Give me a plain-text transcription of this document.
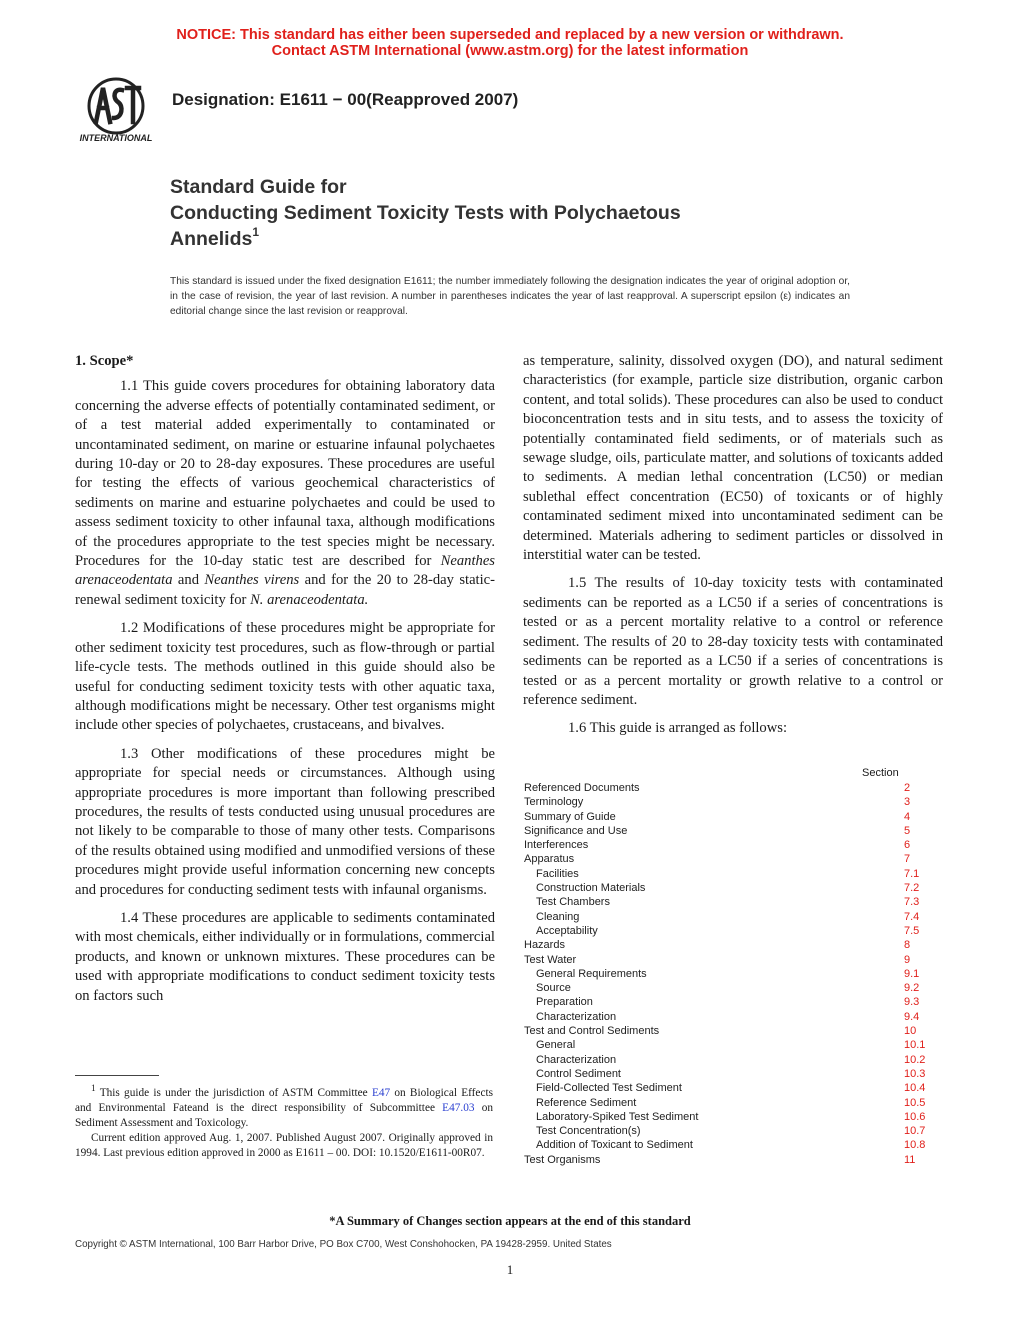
NOTICE: This standard has either been superseded and replaced by a new version or withdrawn.
Contact ASTM International (www.astm.org) for the latest information
INTERNATIONAL
Designation: E1611 − 00(Reapproved 2007)
Standard Guide for
Conducting Sediment Toxicity Tests with Polychaetous
Annelids$^1$
This standard is issued under the fixed designation E1611; the number immediately following the designation indicates the year of original adoption or, in the case of revision, the year of last revision. A number in parentheses indicates the year of last reapproval. A superscript epsilon (ε) indicates an editorial change since the last revision or reapproval.
1. Scope*

1.1 This guide covers procedures for obtaining laboratory data concerning the adverse effects of potentially contaminated sediment, or of a test material added experimentally to contaminated or uncontaminated sediment, on marine or estuarine infaunal polychaetes during 10-day or 20 to 28-day exposures. These procedures are useful for testing the effects of various geochemical characteristics of sediments on marine and estuarine polychaetes and could be used to assess sediment toxicity to other infaunal taxa, although modifications of the procedures appropriate to the test species might be necessary. Procedures for the 10-day static test are described for Neanthes arenaceodentata and Neanthes virens and for the 20 to 28-day static-renewal sediment toxicity for N. arenaceodentata.

1.2 Modifications of these procedures might be appropriate for other sediment toxicity test procedures, such as flow-through or partial life-cycle tests. The methods outlined in this guide should also be useful for conducting sediment toxicity tests with other aquatic taxa, although modifications might be necessary. Other test organisms might include other species of polychaetes, crustaceans, and bivalves.

1.3 Other modifications of these procedures might be appropriate for special needs or circumstances. Although using appropriate procedures is more important than following prescribed procedures, the results of tests conducted using unusual procedures are not likely to be comparable to those of many other tests. Comparisons of the results obtained using modified and unmodified versions of these procedures might provide useful information concerning new concepts and procedures for conducting sediment tests with infaunal organisms.

1.4 These procedures are applicable to sediments contaminated with most chemicals, either individually or in formulations, commercial products, and known or unknown mixtures. These procedures can be used with appropriate modifications to conduct sediment toxicity tests on factors such

$^1$ This guide is under the jurisdiction of ASTM Committee E47 on Biological Effects and Environmental Fateand is the direct responsibility of Subcommittee E47.03 on Sediment Assessment and Toxicology.

Current edition approved Aug. 1, 2007. Published August 2007. Originally approved in 1994. Last previous edition approved in 2000 as E1611 – 00. DOI: 10.1520/E1611-00R07.

as temperature, salinity, dissolved oxygen (DO), and natural sediment characteristics (for example, particle size distribution, organic carbon content, and total solids). These procedures can also be used to conduct bioconcentration tests and in situ tests, and to assess the toxicity of potentially contaminated field sediments, or of materials such as sewage sludge, oils, particulate matter, and solutions of toxicants added to sediments. A median lethal concentration (LC50) or median sublethal effect concentration (EC50) of toxicants or of highly contaminated sediment mixed into uncontaminated sediment can be determined. Materials adhering to sediment particles or dissolved in interstitial water can be tested.

1.5 The results of 10-day toxicity tests with contaminated sediments can be reported as a LC50 if a series of concentrations is tested or as a percent mortality relative to a control or reference sediment. The results of 20 to 28-day toxicity tests with contaminated sediments can be reported as a LC50 if a series of concentrations is tested or as a percent mortality or growth relative to a control or reference sediment.

1.6 This guide is arranged as follows:

Section
Referenced Documents	2
Terminology	3
Summary of Guide	4
Significance and Use	5
Interferences	6
Apparatus	7
Facilities	7.1
Construction Materials	7.2
Test Chambers	7.3
Cleaning	7.4
Acceptability	7.5
Hazards	8
Test Water	9
General Requirements	9.1
Source	9.2
Preparation	9.3
Characterization	9.4
Test and Control Sediments	10
General	10.1
Characterization	10.2
Control Sediment	10.3
Field-Collected Test Sediment	10.4
Reference Sediment	10.5
Laboratory-Spiked Test Sediment	10.6
Test Concentration(s)	10.7
Addition of Toxicant to Sediment	10.8
Test Organisms	11
*A Summary of Changes section appears at the end of this standard
Copyright © ASTM International, 100 Barr Harbor Drive, PO Box C700, West Conshohocken, PA 19428-2959. United States
1
